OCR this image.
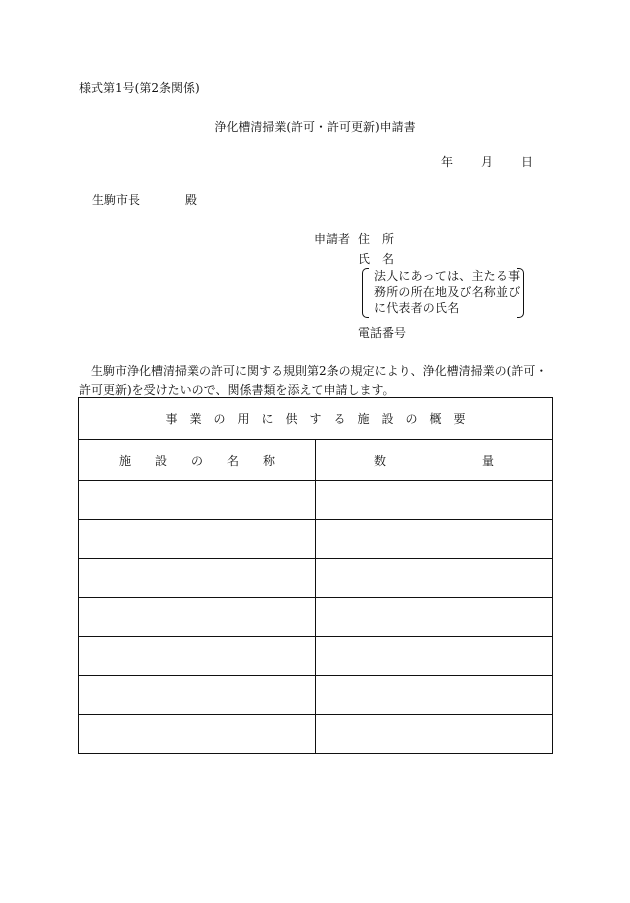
様式第1号(第2条関係)
浄化槽清掃業(許可・許可更新)申請書
年 月 日
生駒市長	殿
申請者 住　所
氏　名
法人にあっては、主たる事務所の所在地及び名称並びに代表者の氏名
電話番号
生駒市浄化槽清掃業の許可に関する規則第2条の規定により、浄化槽清掃業の(許可・許可更新)を受けたいので、関係書類を添えて申請します。
事　業　の　用　に　供　す　る　施　設　の　概　要	
施　　設　　の　　名　　称	数　　　　　　　　量
